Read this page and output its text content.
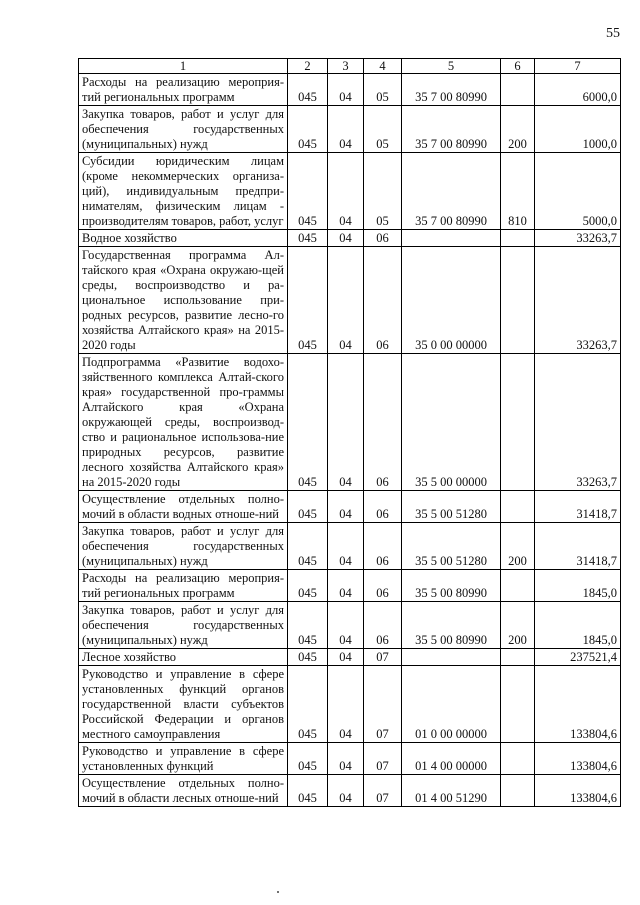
55
1	2	3	4	5	6	7
Расходы на реализацию мероприя-тий региональных программ	045	04	05	35 7 00 80990		6000,0
Закупка товаров, работ и услуг для обеспечения государственных (муниципальных) нужд	045	04	05	35 7 00 80990	200	1000,0
Субсидии юридическим лицам (кроме некоммерческих организа-ций), индивидуальным предпри-нимателям, физическим лицам - производителям товаров, работ, услуг	045	04	05	35 7 00 80990	810	5000,0
Водное хозяйство	045	04	06			33263,7
Государственная программа Ал-тайского края «Охрана окружаю-щей среды, воспроизводство и ра-ционалъное использование при-родных ресурсов, развитие лесно-го хозяйства Алтайского края» на 2015-2020 годы	045	04	06	35 0 00 00000		33263,7
Подпрограмма «Развитие водохо-зяйственного комплекса Алтай-ского края» государственной про-граммы Алтайского края «Охрана окружающей среды, воспроизвод-ство и рациональное использова-ние природных ресурсов, развитие лесного хозяйства Алтайского края» на 2015-2020 годы	045	04	06	35 5 00 00000		33263,7
Осуществление отдельных полно-мочий в области водных отноше-ний	045	04	06	35 5 00 51280		31418,7
Закупка товаров, работ и услуг для обеспечения государственных (муниципальных) нужд	045	04	06	35 5 00 51280	200	31418,7
Расходы на реализацию мероприя-тий региональных программ	045	04	06	35 5 00 80990		1845,0
Закупка товаров, работ и услуг для обеспечения государственных (муниципальных) нужд	045	04	06	35 5 00 80990	200	1845,0
Лесное хозяйство	045	04	07			237521,4
Руководство и управление в сфере установленных функций органов государственной власти субъектов Российской Федерации и органов местного самоуправления	045	04	07	01 0 00 00000		133804,6
Руководство и управление в сфере установленных функций	045	04	07	01 4 00 00000		133804,6
Осуществление отдельных полно-мочий в области лесных отноше-ний	045	04	07	01 4 00 51290		133804,6
